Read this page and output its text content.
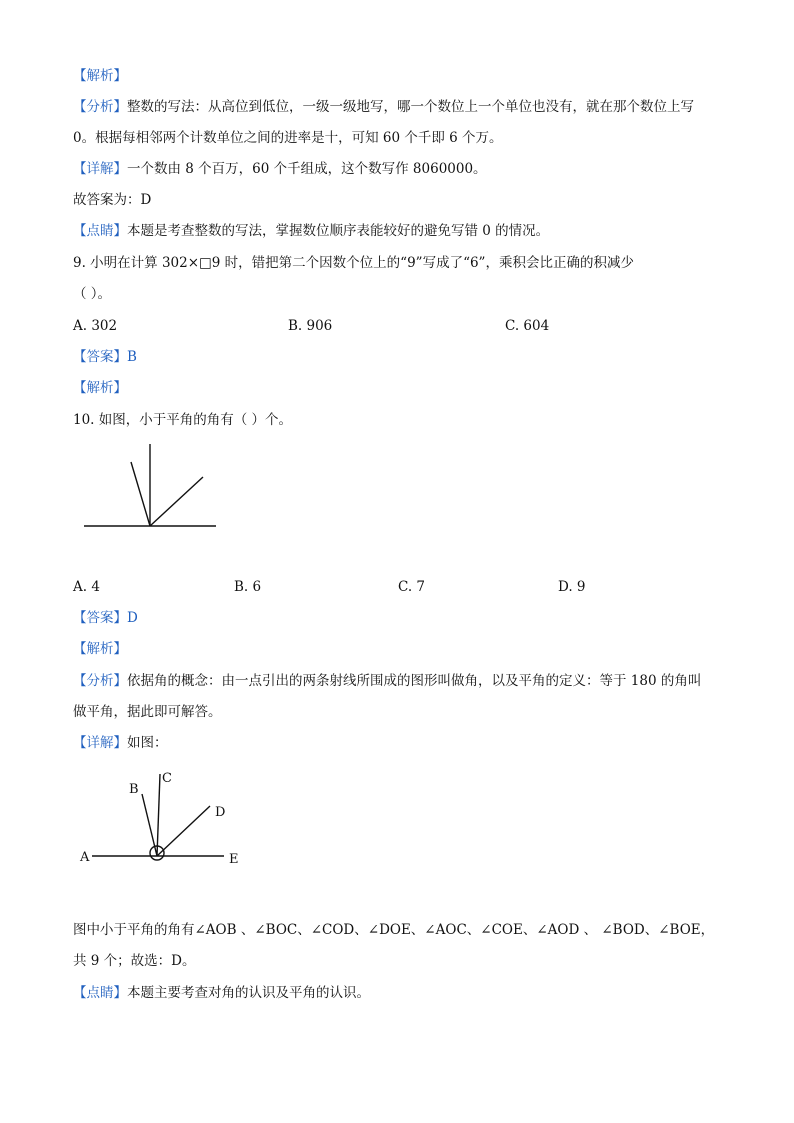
【解析】
【分析】整数的写法：从高位到低位，一级一级地写，哪一个数位上一个单位也没有，就在那个数位上写
0。根据每相邻两个计数单位之间的进率是十，可知 60 个千即 6 个万。
【详解】一个数由 8 个百万，60 个千组成，这个数写作 8060000。
故答案为：D
【点睛】本题是考查整数的写法，掌握数位顺序表能较好的避免写错 0 的情况。
9. 小明在计算 302×□9 时，错把第二个因数个位上的“9”写成了“6”，乘积会比正确的积减少
（ ）。
A. 302	B. 906	C. 604
【答案】B
【解析】
10. 如图，小于平角的角有（ ）个。
A. 4	B. 6	C. 7	D. 9
【答案】D
【解析】
【分析】依据角的概念：由一点引出的两条射线所围成的图形叫做角，以及平角的定义：等于 180 的角叫
做平角，据此即可解答。
【详解】如图：
A
B
C
D
E
图中小于平角的角有∠AOB 、∠BOC、∠COD、∠DOE、∠AOC、∠COE、∠AOD 、 ∠BOD、∠BOE，
共 9 个；故选：D。
【点睛】本题主要考查对角的认识及平角的认识。
